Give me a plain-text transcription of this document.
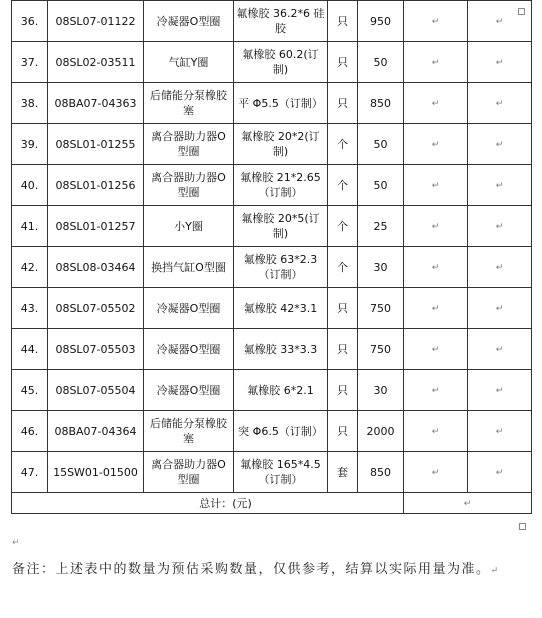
36.	08SL07-01122	冷凝器O型圈	氟橡胶 36.2*6 硅胶	只	950	↵	↵
37.	08SL02-03511	气缸Y圈	氟橡胶 60.2(订制)	只	50	↵	↵
38.	08BA07-04363	后储能分泵橡胶塞	平 Φ5.5（订制）	只	850	↵	↵
39.	08SL01-01255	离合器助力器O型圈	氟橡胶 20*2(订制)	个	50	↵	↵
40.	08SL01-01256	离合器助力器O型圈	氟橡胶 21*2.65（订制）	个	50	↵	↵
41.	08SL01-01257	小Y圈	氟橡胶 20*5(订制)	个	25	↵	↵
42.	08SL08-03464	换挡气缸O型圈	氟橡胶 63*2.3（订制）	个	30	↵	↵
43.	08SL07-05502	冷凝器O型圈	氟橡胶 42*3.1	只	750	↵	↵
44.	08SL07-05503	冷凝器O型圈	氟橡胶 33*3.3	只	750	↵	↵
45.	08SL07-05504	冷凝器O型圈	氟橡胶 6*2.1	只	30	↵	↵
46.	08BA07-04364	后储能分泵橡胶塞	突 Φ6.5（订制）	只	2000	↵	↵
47.	15SW01-01500	离合器助力器O型圈	氟橡胶 165*4.5（订制）	套	850	↵	↵
总计：(元)						↵	
↵
备注：上述表中的数量为预估采购数量，仅供参考，结算以实际用量为准。↵
